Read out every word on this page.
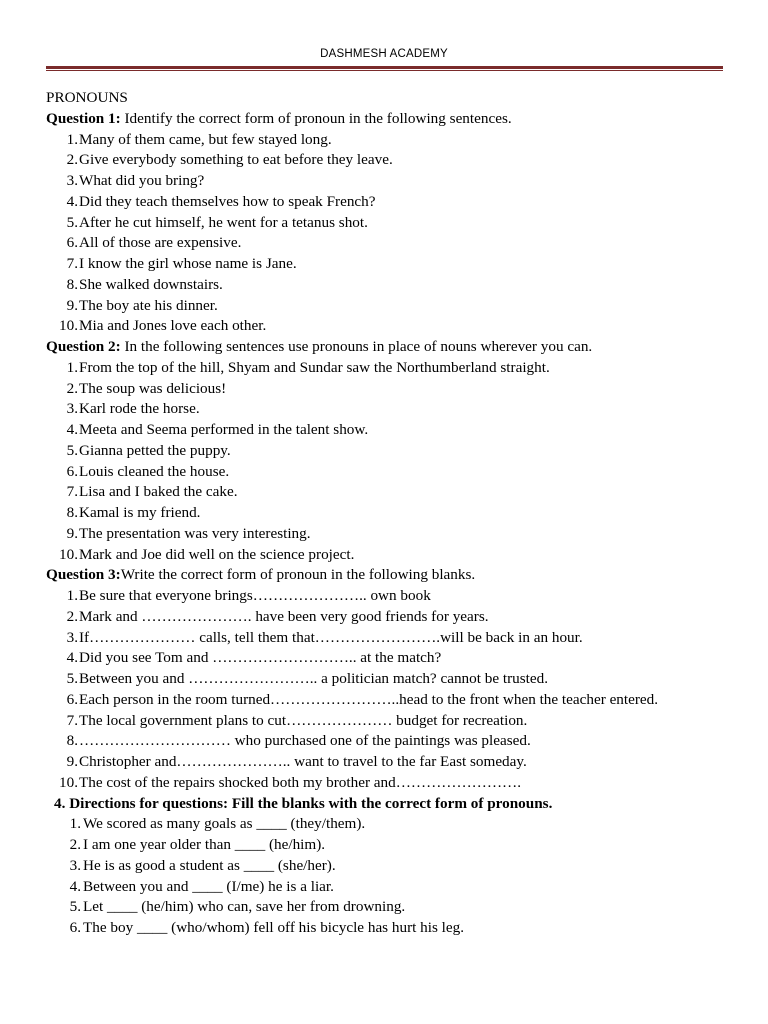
DASHMESH ACADEMY
PRONOUNS
Question 1: Identify the correct form of pronoun in the following sentences.
1. Many of them came, but few stayed long.
2. Give everybody something to eat before they leave.
3. What did you bring?
4. Did they teach themselves how to speak French?
5. After he cut himself, he went for a tetanus shot.
6. All of those are expensive.
7. I know the girl whose name is Jane.
8. She walked downstairs.
9. The boy ate his dinner.
10. Mia and Jones love each other.
Question 2: In the following sentences use pronouns in place of nouns wherever you can.
1. From the top of the hill, Shyam and Sundar saw the Northumberland straight.
2. The soup was delicious!
3. Karl rode the horse.
4. Meeta and Seema performed in the talent show.
5. Gianna petted the puppy.
6. Louis cleaned the house.
7. Lisa and I baked the cake.
8. Kamal is my friend.
9. The presentation was very interesting.
10. Mark and Joe did well on the science project.
Question 3:Write the correct form of pronoun in the following blanks.
1. Be sure that everyone brings………………….. own book
2. Mark and …………………. have been very good friends for years.
3. If………………… calls, tell them that…………………….will be back in an hour.
4. Did you see Tom and ……………………….. at the match?
5. Between you and …………………….. a politician match? cannot be trusted.
6. Each person in the room turned……………………..head to the front when the teacher entered.
7. The local government plans to cut………………… budget for recreation.
8. ………………………… who purchased one of the paintings was pleased.
9. Christopher and………………….. want to travel to the far East someday.
10. The cost of the repairs shocked both my brother and…………………….
4. Directions for questions: Fill the blanks with the correct form of pronouns.
1. We scored as many goals as ____ (they/them).
2. I am one year older than ____ (he/him).
3. He is as good a student as ____ (she/her).
4. Between you and ____ (I/me) he is a liar.
5. Let ____ (he/him) who can, save her from drowning.
6. The boy ____ (who/whom) fell off his bicycle has hurt his leg.
